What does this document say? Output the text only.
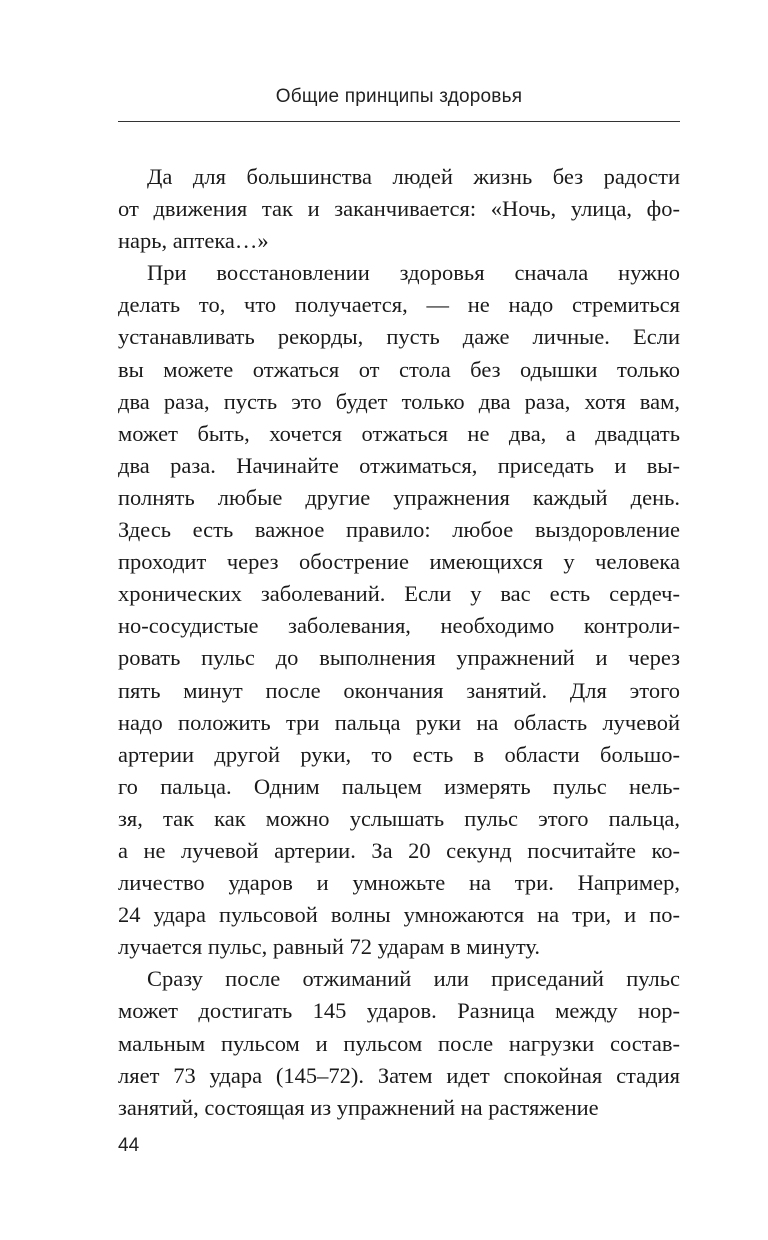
Общие принципы здоровья
Да для большинства людей жизнь без радости
от движения так и заканчивается: «Ночь, улица, фо-
нарь, аптека…»
При восстановлении здоровья сначала нужно
делать то, что получается, — не надо стремиться
устанавливать рекорды, пусть даже личные. Если
вы можете отжаться от стола без одышки только
два раза, пусть это будет только два раза, хотя вам,
может быть, хочется отжаться не два, а двадцать
два раза. Начинайте отжиматься, приседать и вы-
полнять любые другие упражнения каждый день.
Здесь есть важное правило: любое выздоровление
проходит через обострение имеющихся у человека
хронических заболеваний. Если у вас есть сердеч-
но-сосудистые заболевания, необходимо контроли-
ровать пульс до выполнения упражнений и через
пять минут после окончания занятий. Для этого
надо положить три пальца руки на область лучевой
артерии другой руки, то есть в области большо-
го пальца. Одним пальцем измерять пульс нель-
зя, так как можно услышать пульс этого пальца,
а не лучевой артерии. За 20 секунд посчитайте ко-
личество ударов и умножьте на три. Например,
24 удара пульсовой волны умножаются на три, и по-
лучается пульс, равный 72 ударам в минуту.
Сразу после отжиманий или приседаний пульс
может достигать 145 ударов. Разница между нор-
мальным пульсом и пульсом после нагрузки состав-
ляет 73 удара (145–72). Затем идет спокойная стадия
занятий, состоящая из упражнений на растяжение
44
